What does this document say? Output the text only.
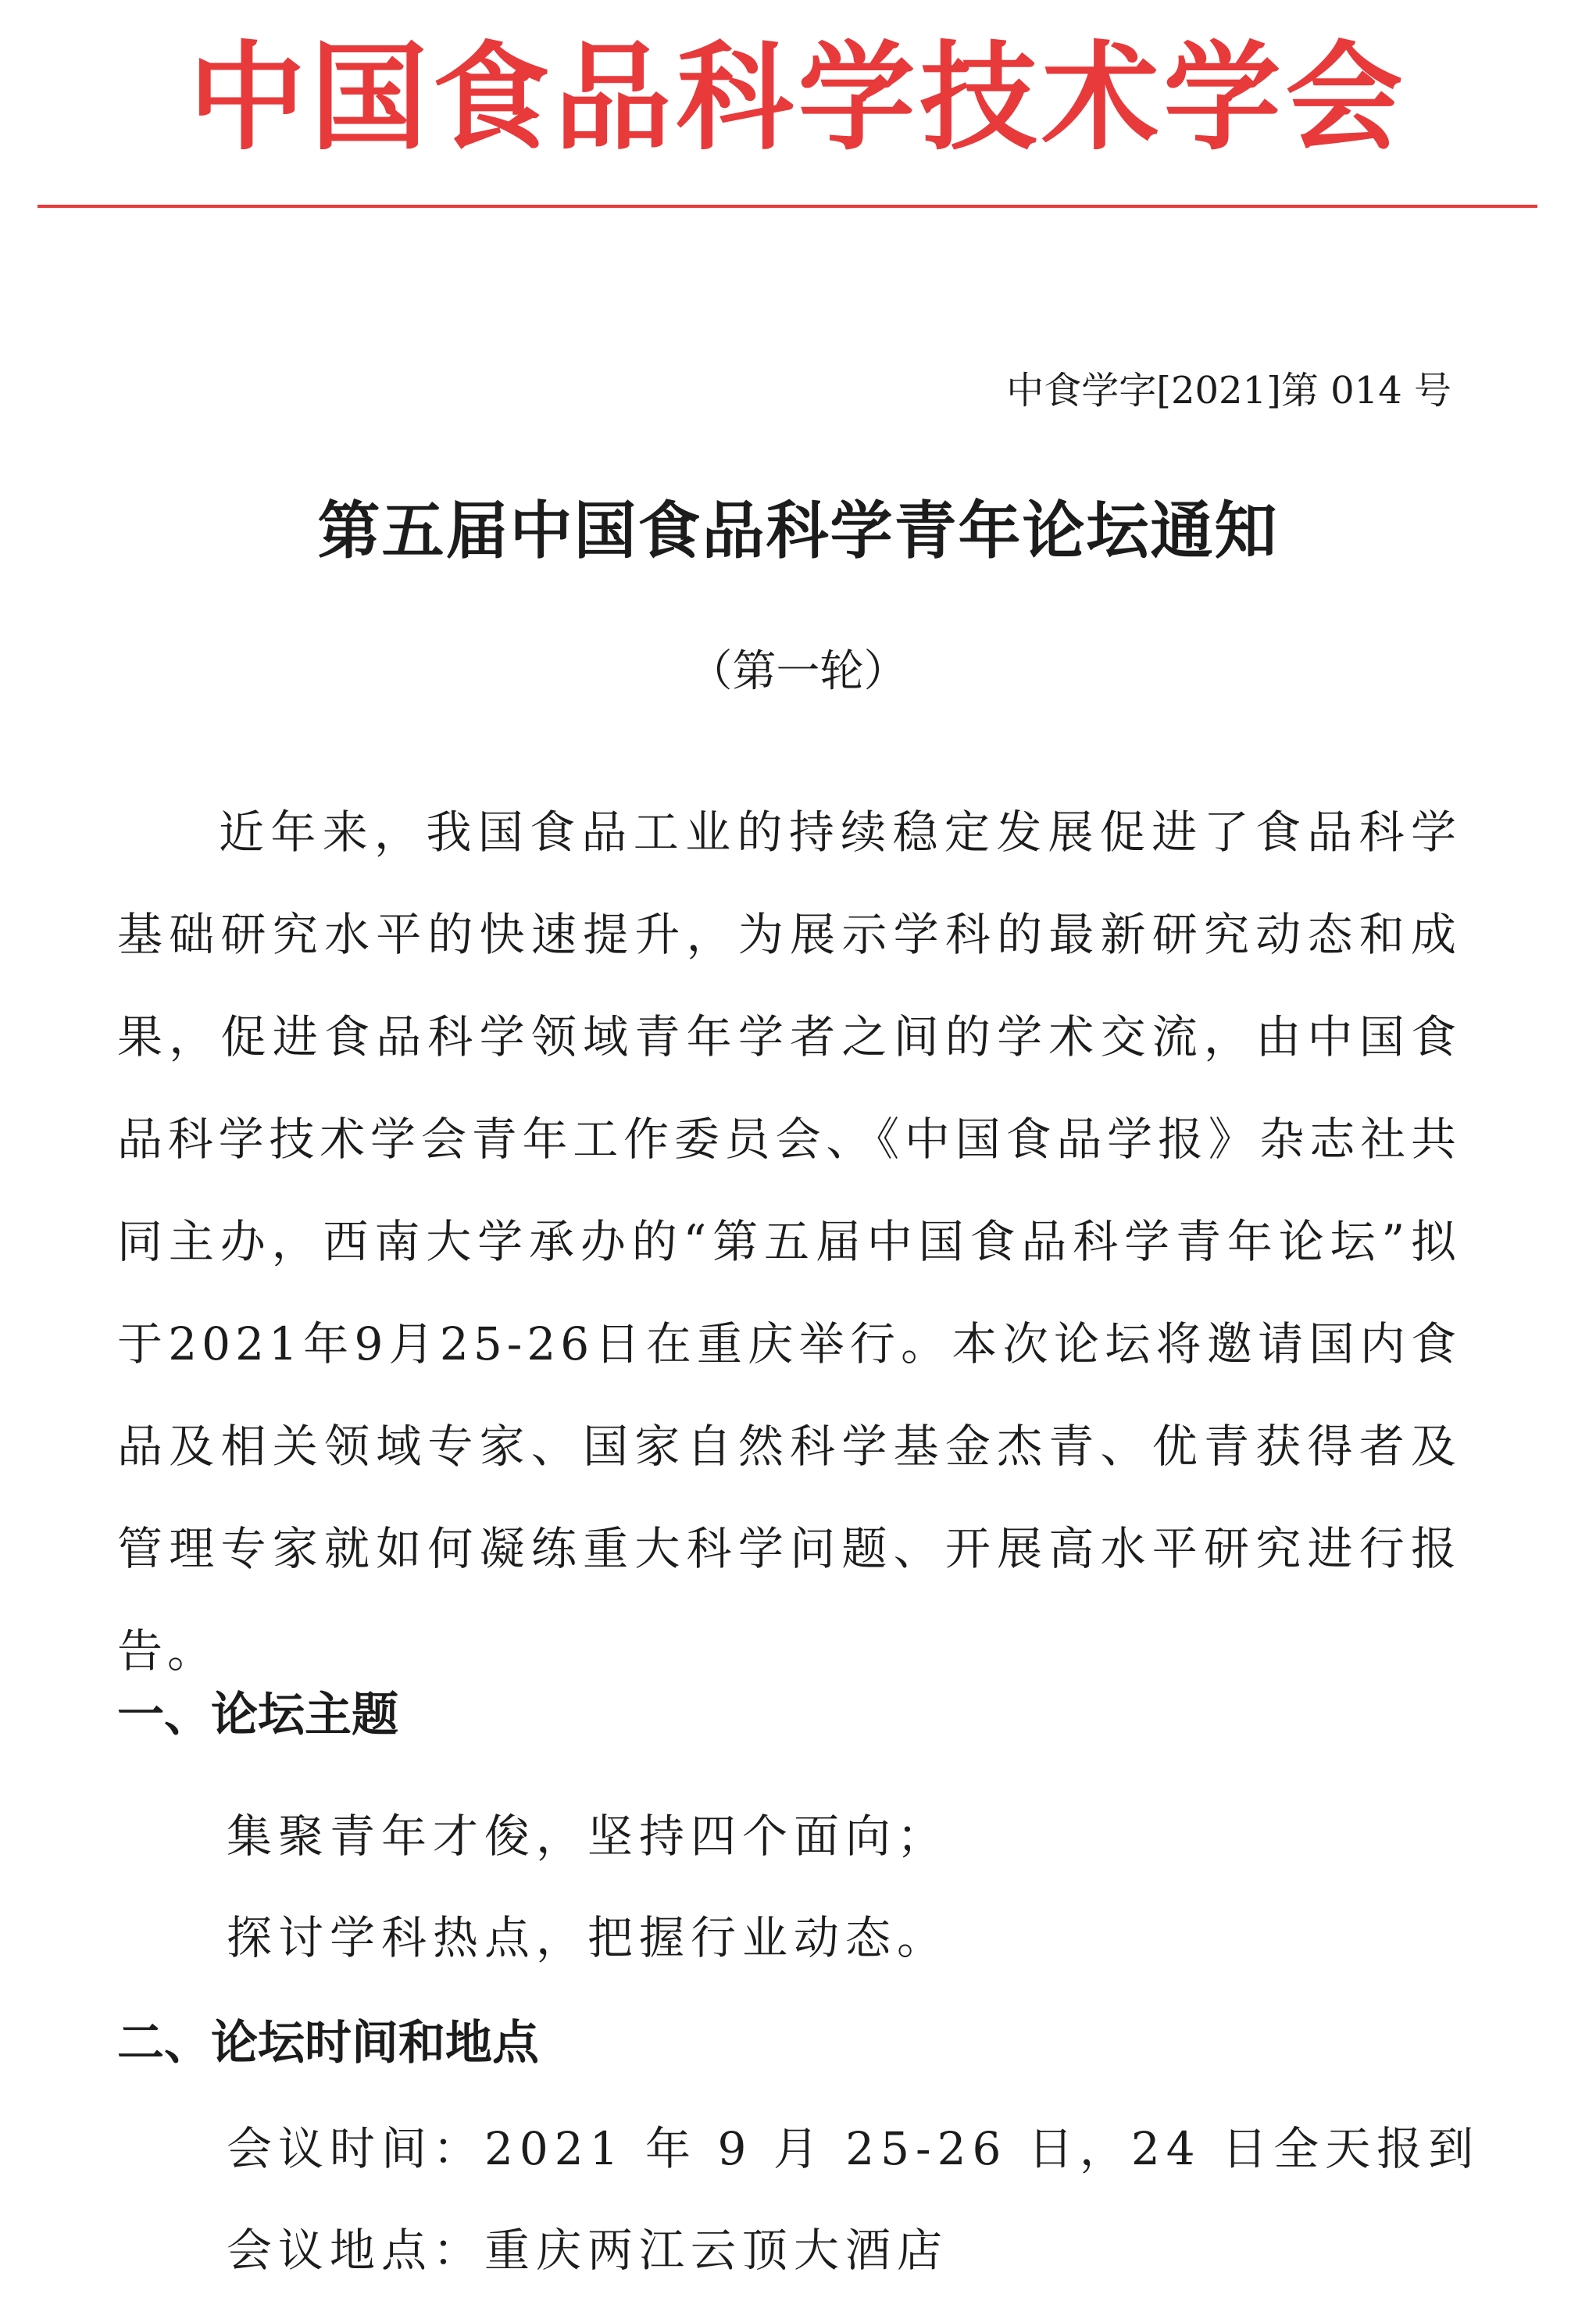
中国食品科学技术学会
中食学字[2021]第 014 号
第五届中国食品科学青年论坛通知
（第一轮）

近年来，我国食品工业的持续稳定发展促进了食品科学基础研究水平的快速提升，为展示学科的最新研究动态和成果，促进食品科学领域青年学者之间的学术交流，由中国食品科学技术学会青年工作委员会、《中国食品学报》杂志社共同主办，西南大学承办的“第五届中国食品科学青年论坛”拟于2021年9月25-26日在重庆举行。本次论坛将邀请国内食品及相关领域专家、国家自然科学基金杰青、优青获得者及管理专家就如何凝练重大科学问题、开展高水平研究进行报告。

一、论坛主题

集聚青年才俊，坚持四个面向；

探讨学科热点，把握行业动态。

二、论坛时间和地点

会议时间：2021 年 9 月 25-26 日，24 日全天报到

会议地点：重庆两江云顶大酒店
